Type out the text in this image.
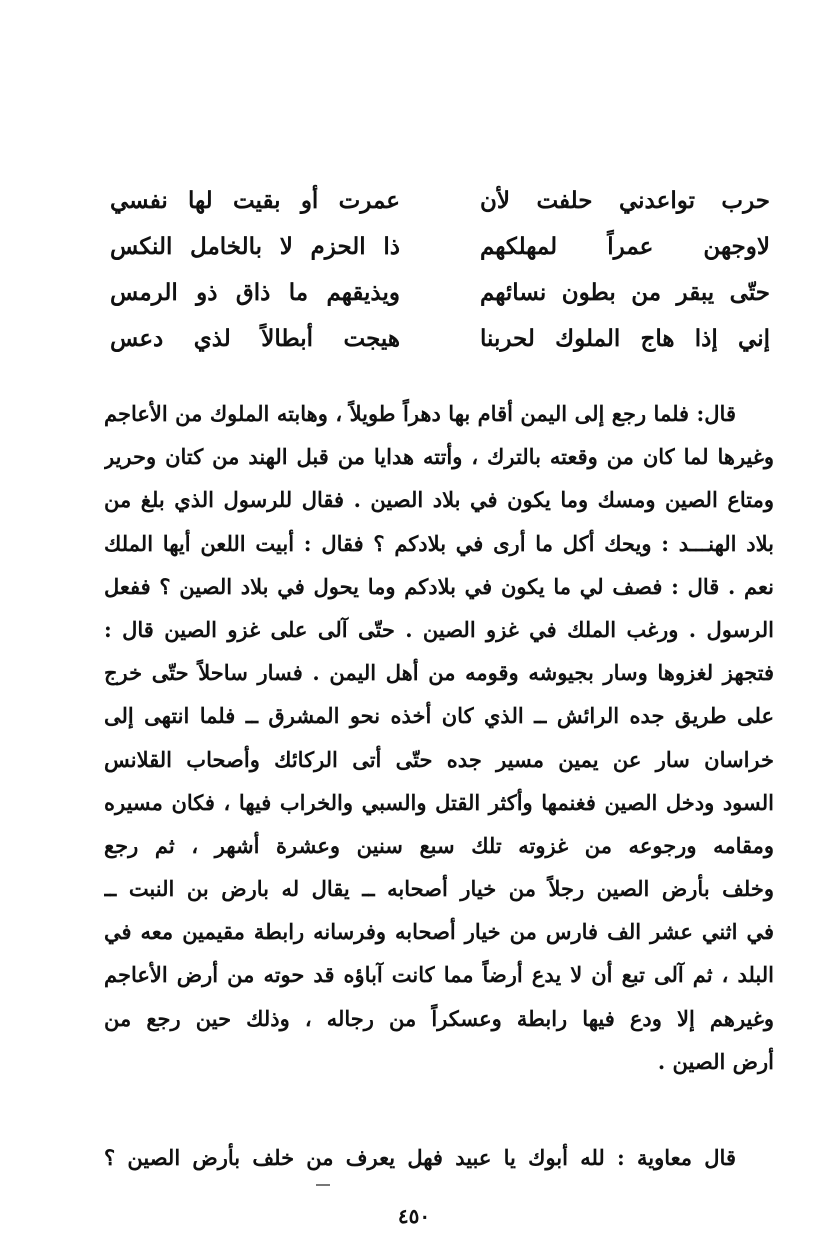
حرب تواعدني حلفت لأن
عمرت أو بقيت لها نفسي
لاوجهن عمراً لمهلكهم
ذا الحزم لا بالخامل النكس
حتّى يبقر من بطون نسائهم
ويذيقهم ما ذاق ذو الرمس
إني إذا هاج الملوك لحربنا
هيجت أبطالاً لذي دعس
قال: فلما رجع إلى اليمن أقام بها دهراً طويلاً ، وهابته الملوك من الأعاجم
وغيرها لما كان من وقعته بالترك ، وأتته هدايا من قبل الهند من كتان وحرير
ومتاع الصين ومسك وما يكون في بلاد الصين . فقال للرسول الذي بلغ من
بلاد الهنـــد : ويحك أكل ما أرى في بلادكم ؟ فقال : أبيت اللعن أيها الملك
نعم . قال : فصف لي ما يكون في بلادكم وما يحول في بلاد الصين ؟ ففعل
الرسول . ورغب الملك في غزو الصين . حتّى آلى على غزو الصين قال :
فتجهز لغزوها وسار بجيوشه وقومه من أهل اليمن . فسار ساحلاً حتّى خرج
على طريق جده الرائش ــ الذي كان أخذه نحو المشرق ــ فلما انتهى إلى
خراسان سار عن يمين مسير جده حتّى أتى الركائك وأصحاب القلانس
السود ودخل الصين فغنمها وأكثر القتل والسبي والخراب فيها ، فكان مسيره
ومقامه ورجوعه من غزوته تلك سبع سنين وعشرة أشهر ، ثم رجع
وخلف بأرض الصين رجلاً من خيار أصحابه ــ يقال له بارض بن النبت ــ
في اثني عشر الف فارس من خيار أصحابه وفرسانه رابطة مقيمين معه في
البلد ، ثم آلى تبع أن لا يدع أرضاً مما كانت آباؤه قد حوته من أرض الأعاجم
وغيرهم إلا ودع فيها رابطة وعسكراً من رجاله ، وذلك حين رجع من
أرض الصين .
قال معاوية : لله أبوك يا عبيد فهل يعرف من خلف بأرض الصين ؟
٤٥٠
